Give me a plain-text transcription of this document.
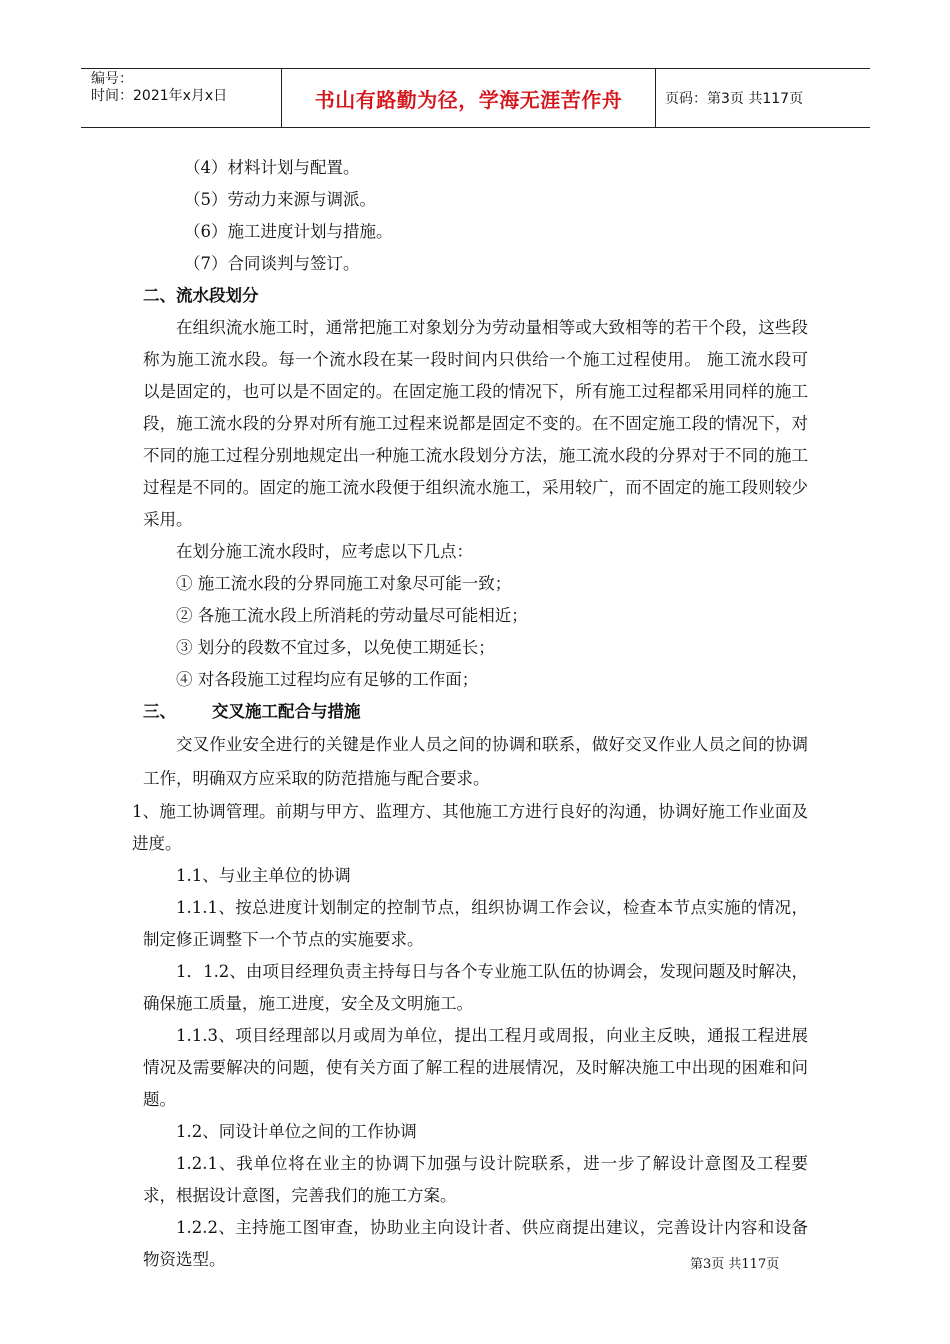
编号：
时间：2021年x月x日	书山有路勤为径，学海无涯苦作舟	页码：第3页 共117页

（4）材料计划与配置。

（5）劳动力来源与调派。

（6）施工进度计划与措施。

（7）合同谈判与签订。

二、流水段划分

在组织流水施工时，通常把施工对象划分为劳动量相等或大致相等的若干个段，这些段称为施工流水段。每一个流水段在某一段时间内只供给一个施工过程使用。 施工流水段可以是固定的，也可以是不固定的。在固定施工段的情况下，所有施工过程都采用同样的施工段，施工流水段的分界对所有施工过程来说都是固定不变的。在不固定施工段的情况下，对不同的施工过程分别地规定出一种施工流水段划分方法，施工流水段的分界对于不同的施工过程是不同的。固定的施工流水段便于组织流水施工，采用较广，而不固定的施工段则较少采用。

在划分施工流水段时，应考虑以下几点：

① 施工流水段的分界同施工对象尽可能一致；

② 各施工流水段上所消耗的劳动量尽可能相近；

③ 划分的段数不宜过多，以免使工期延长；

④ 对各段施工过程均应有足够的工作面；

三、 交叉施工配合与措施

交叉作业安全进行的关键是作业人员之间的协调和联系，做好交叉作业人员之间的协调工作，明确双方应采取的防范措施与配合要求。

1、施工协调管理。前期与甲方、监理方、其他施工方进行良好的沟通，协调好施工作业面及进度。

1.1、与业主单位的协调

1.1.1、按总进度计划制定的控制节点，组织协调工作会议，检查本节点实施的情况，制定修正调整下一个节点的实施要求。

1．1.2、由项目经理负责主持每日与各个专业施工队伍的协调会，发现问题及时解决，确保施工质量，施工进度，安全及文明施工。

1.1.3、项目经理部以月或周为单位，提出工程月或周报，向业主反映，通报工程进展情况及需要解决的问题，使有关方面了解工程的进展情况，及时解决施工中出现的困难和问题。

1.2、同设计单位之间的工作协调

1.2.1、我单位将在业主的协调下加强与设计院联系，进一步了解设计意图及工程要求，根据设计意图，完善我们的施工方案。

1.2.2、主持施工图审查，协助业主向设计者、供应商提出建议，完善设计内容和设备物资选型。	第3页 共117页
